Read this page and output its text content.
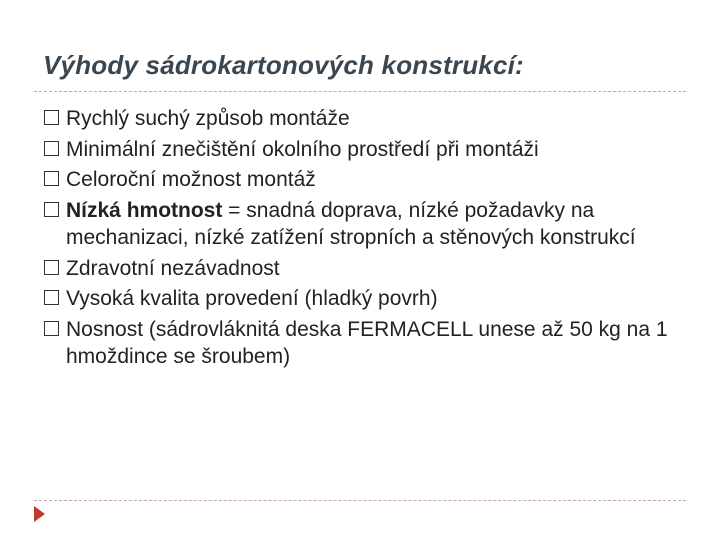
Výhody sádrokartonových konstrukcí:
Rychlý suchý způsob montáže
Minimální znečištění okolního prostředí při montáži
Celoroční možnost montáž
Nízká hmotnost = snadná doprava, nízké požadavky na mechanizaci, nízké zatížení stropních a stěnových konstrukcí
Zdravotní nezávadnost
Vysoká kvalita provedení (hladký povrh)
Nosnost (sádrovláknitá deska FERMACELL unese až 50 kg na 1 hmoždince se šroubem)
